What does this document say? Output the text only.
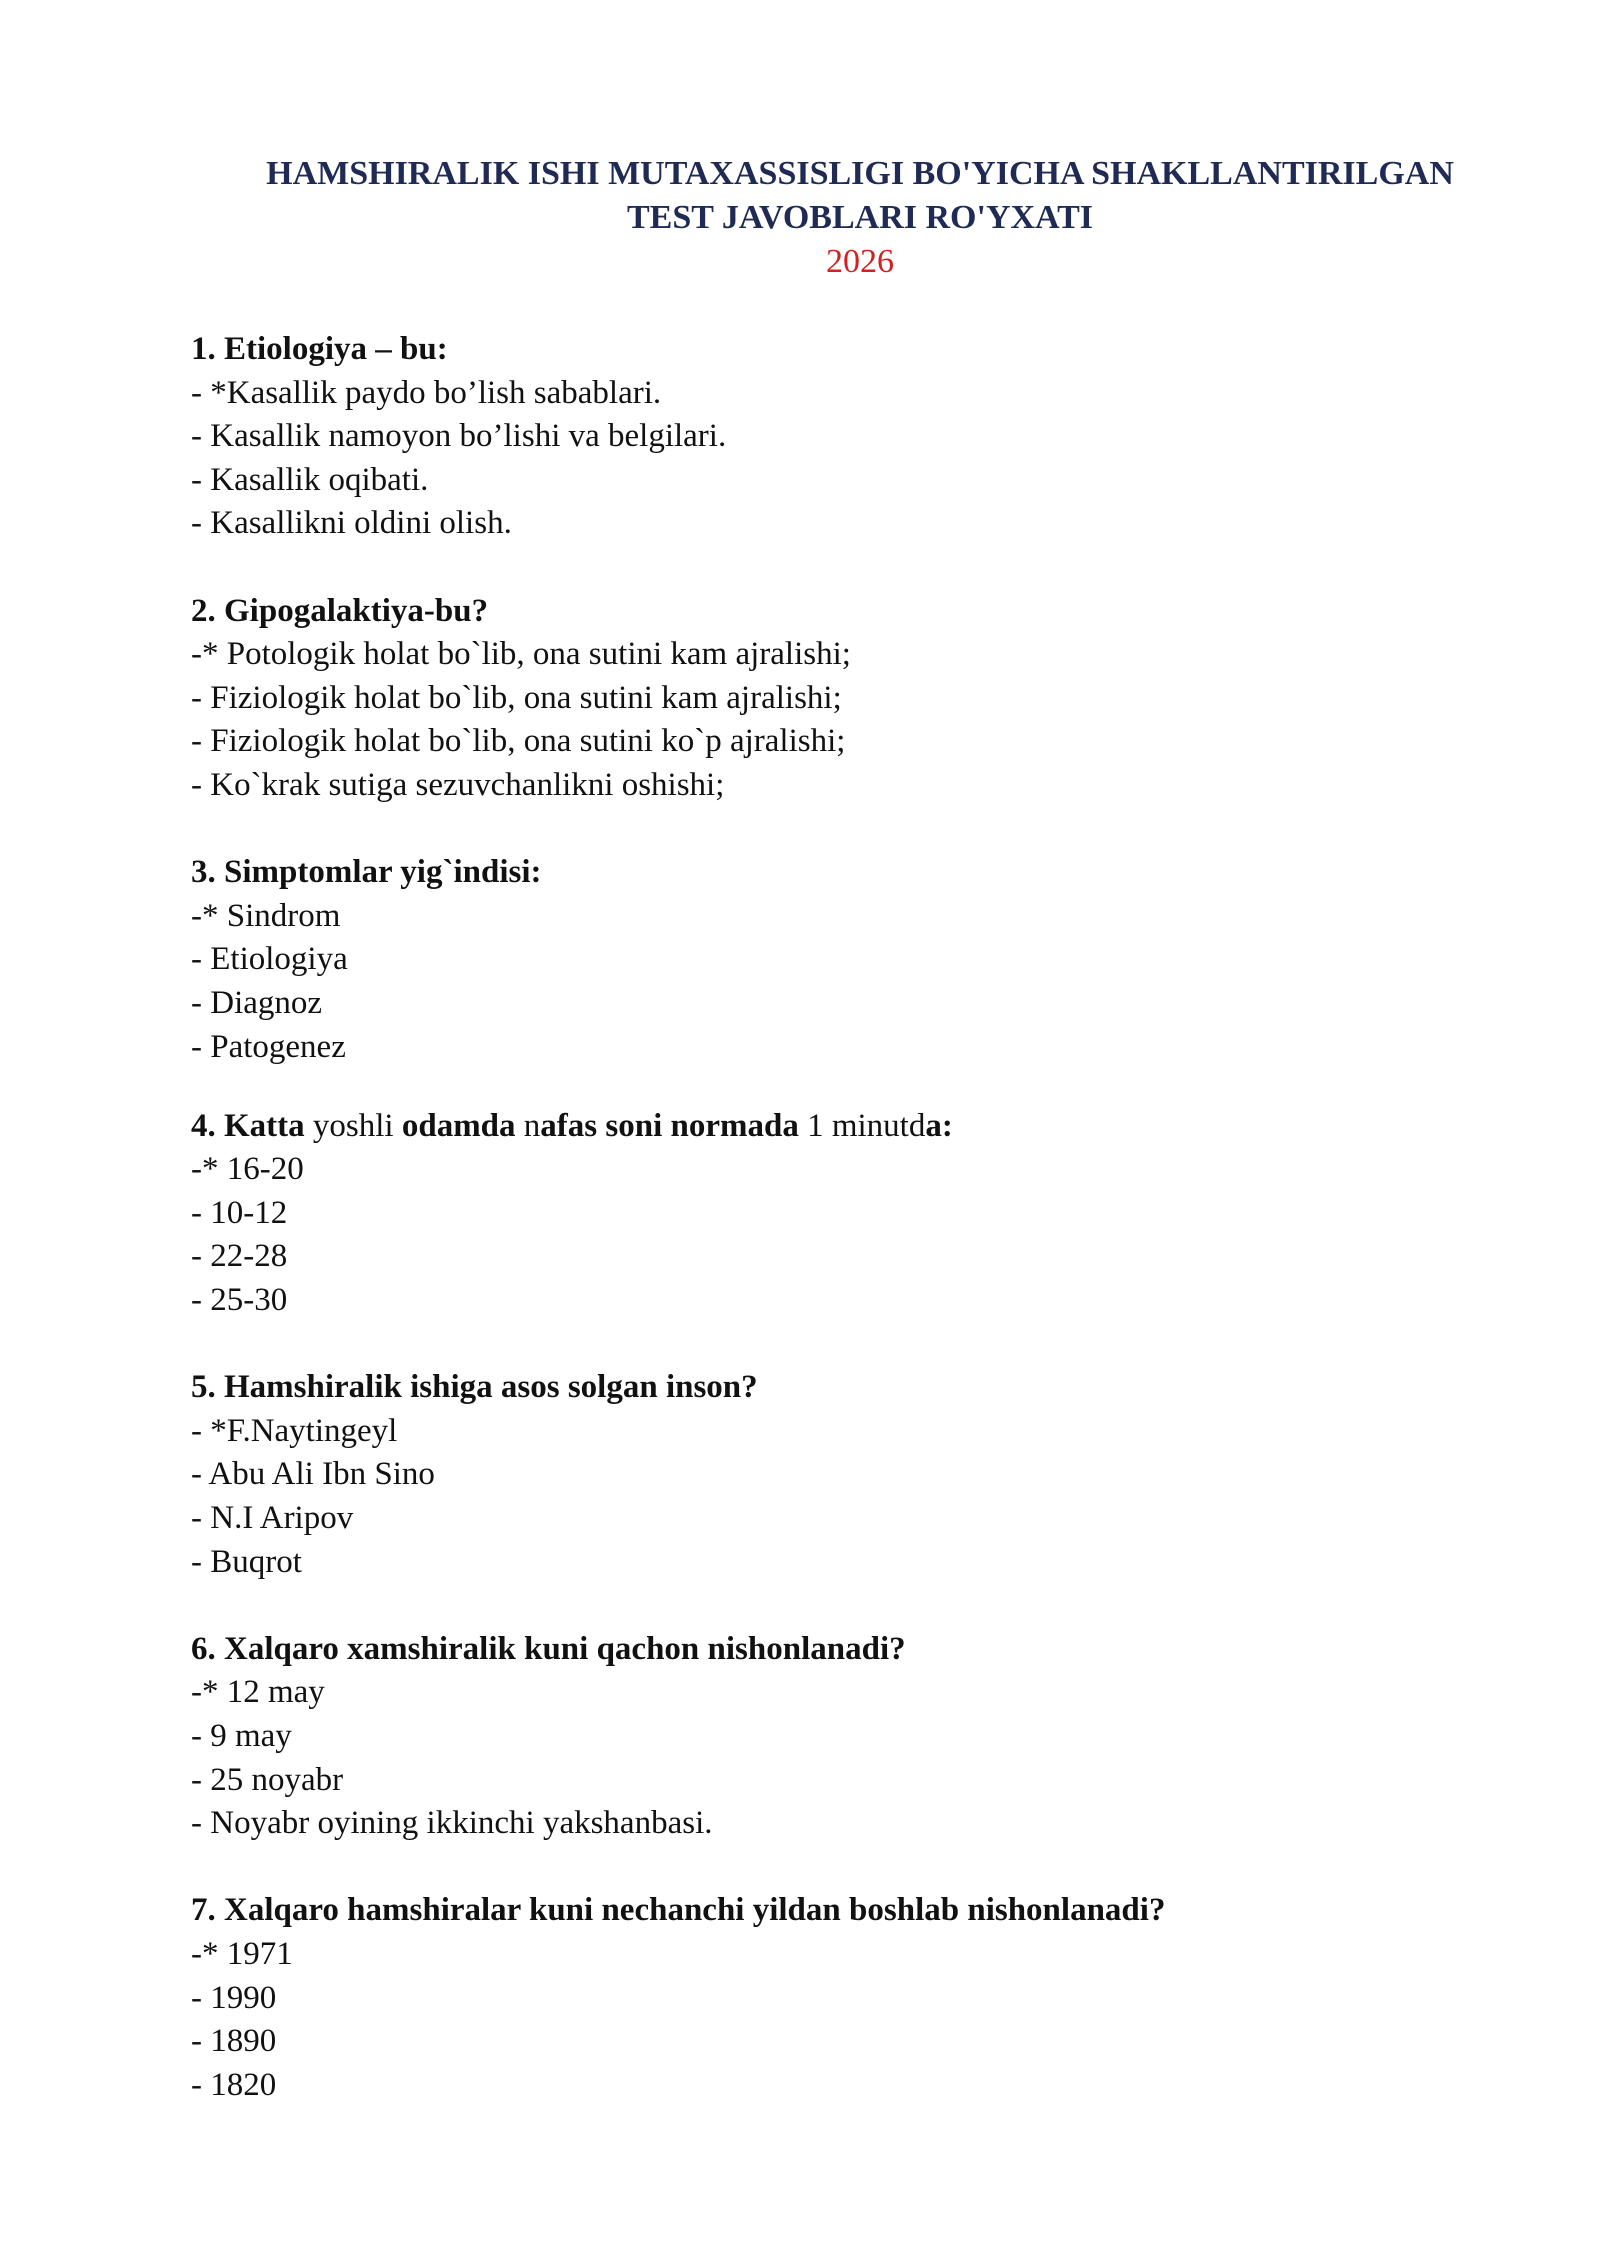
HAMSHIRALIK ISHI MUTAXASSISLIGI BO'YICHA SHAKLLANTIRILGAN
TEST JAVOBLARI RO'YXATI
2026
1. Etiologiya – bu:
- *Kasallik paydo bo’lish sabablari.
- Kasallik namoyon bo’lishi va belgilari.
- Kasallik oqibati.
- Kasallikni oldini olish.
2. Gipogalaktiya-bu?
-* Potologik holat bo`lib, ona sutini kam ajralishi;
- Fiziologik holat bo`lib, ona sutini kam ajralishi;
- Fiziologik holat bo`lib, ona sutini ko`p ajralishi;
- Ko`krak sutiga sezuvchanlikni oshishi;
3. Simptomlar yig`indisi:
-* Sindrom
- Etiologiya
- Diagnoz
- Patogenez
4. Katta yoshli odamda nafas soni normada 1 minutda:
-* 16-20
- 10-12
- 22-28
- 25-30
5. Hamshiralik ishiga asos solgan inson?
- *F.Naytingeyl
- Abu Ali Ibn Sino
- N.I Aripov
- Buqrot
6. Xalqaro xamshiralik kuni qachon nishonlanadi?
-* 12 may
- 9 may
- 25 noyabr
- Noyabr oyining ikkinchi yakshanbasi.
7. Xalqaro hamshiralar kuni nechanchi yildan boshlab nishonlanadi?
-* 1971
- 1990
- 1890
- 1820
